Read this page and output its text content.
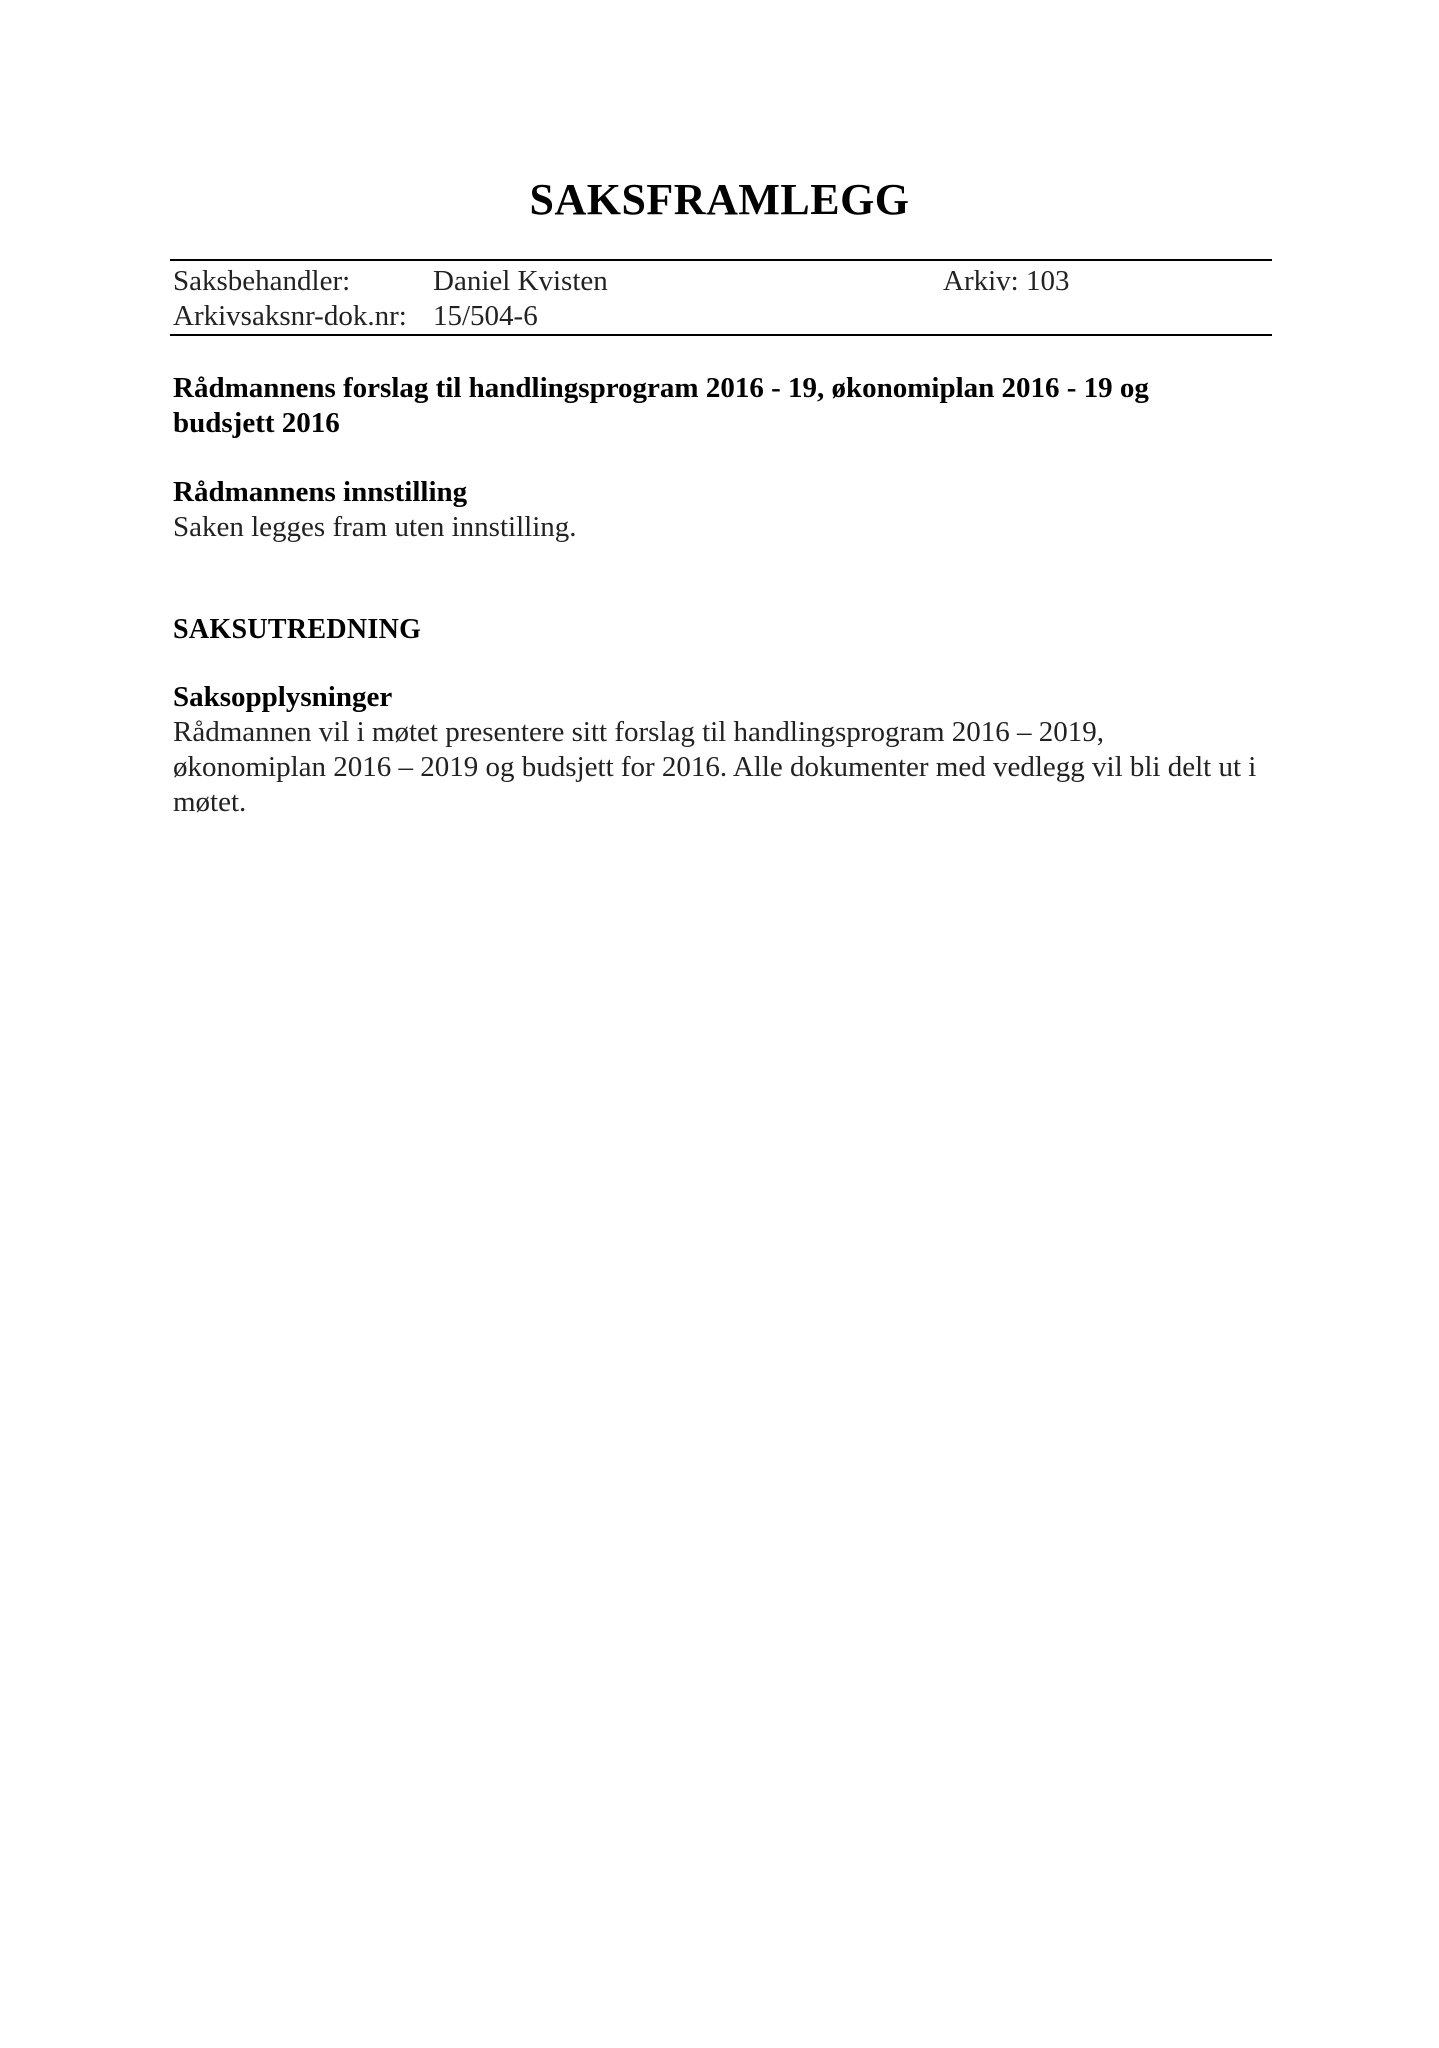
SAKSFRAMLEGG
Saksbehandler:	Daniel Kvisten	Arkiv: 103
Arkivsaksnr-dok.nr: 15/504-6
Rådmannens forslag til handlingsprogram 2016 - 19, økonomiplan 2016 - 19 og
budsjett 2016
Rådmannens innstilling
Saken legges fram uten innstilling.
SAKSUTREDNING
Saksopplysninger
Rådmannen vil i møtet presentere sitt forslag til handlingsprogram 2016 – 2019,
økonomiplan 2016 – 2019 og budsjett for 2016. Alle dokumenter med vedlegg vil bli delt ut i
møtet.
